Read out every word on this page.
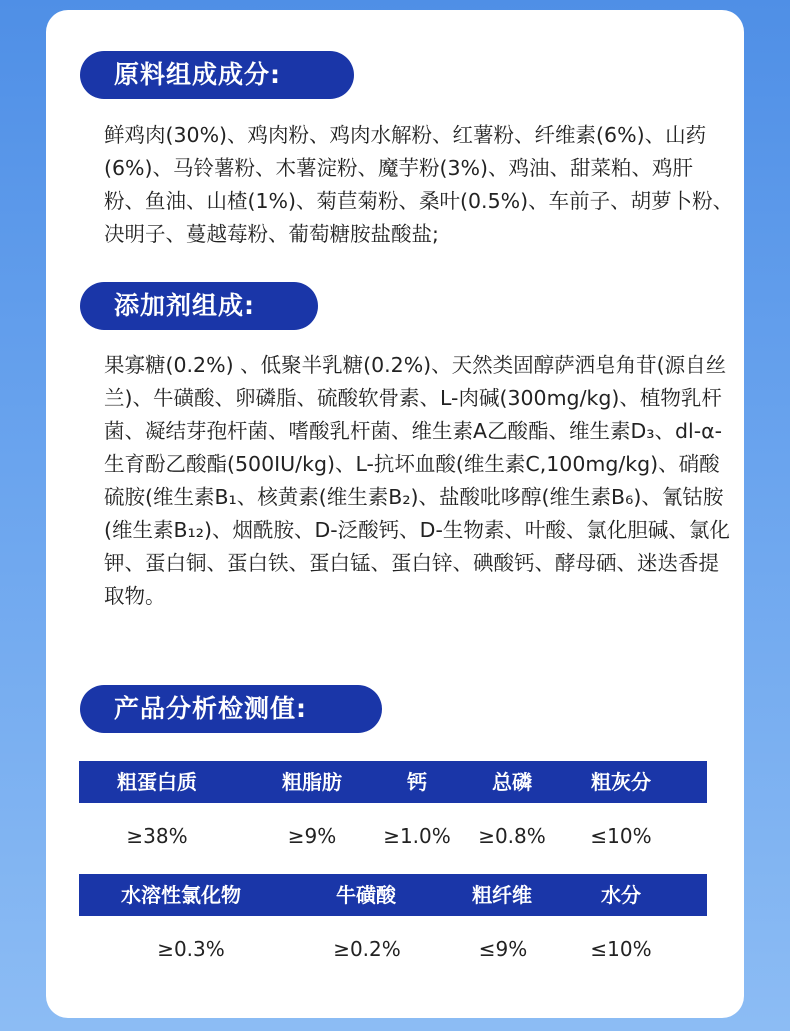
原料组成成分:
鲜鸡肉(30%)、鸡肉粉、鸡肉水解粉、红薯粉、纤维素(6%)、山药(6%)、马铃薯粉、木薯淀粉、魔芋粉(3%)、鸡油、甜菜粕、鸡肝粉、鱼油、山楂(1%)、菊苣菊粉、桑叶(0.5%)、车前子、胡萝卜粉、决明子、蔓越莓粉、葡萄糖胺盐酸盐;
添加剂组成:
果寡糖(0.2%) 、低聚半乳糖(0.2%)、天然类固醇萨洒皂角苷(源自丝兰)、牛磺酸、卵磷脂、硫酸软骨素、L-肉碱(300mg/kg)、植物乳杆菌、凝结芽孢杆菌、嗜酸乳杆菌、维生素A乙酸酯、维生素D₃、dl-α-生育酚乙酸酯(500IU/kg)、L-抗坏血酸(维生素C,100mg/kg)、硝酸硫胺(维生素B₁、核黄素(维生素B₂)、盐酸吡哆醇(维生素B₆)、氰钴胺(维生素B₁₂)、烟酰胺、D-泛酸钙、D-生物素、叶酸、氯化胆碱、氯化钾、蛋白铜、蛋白铁、蛋白锰、蛋白锌、碘酸钙、酵母硒、迷迭香提取物。
产品分析检测值:
粗蛋白质	粗脂肪	钙	总磷	粗灰分
≥38%	≥9%	≥1.0%	≥0.8%	≤10%
水溶性氯化物	牛磺酸	粗纤维	水分
≥0.3%	≥0.2%	≤9%	≤10%
